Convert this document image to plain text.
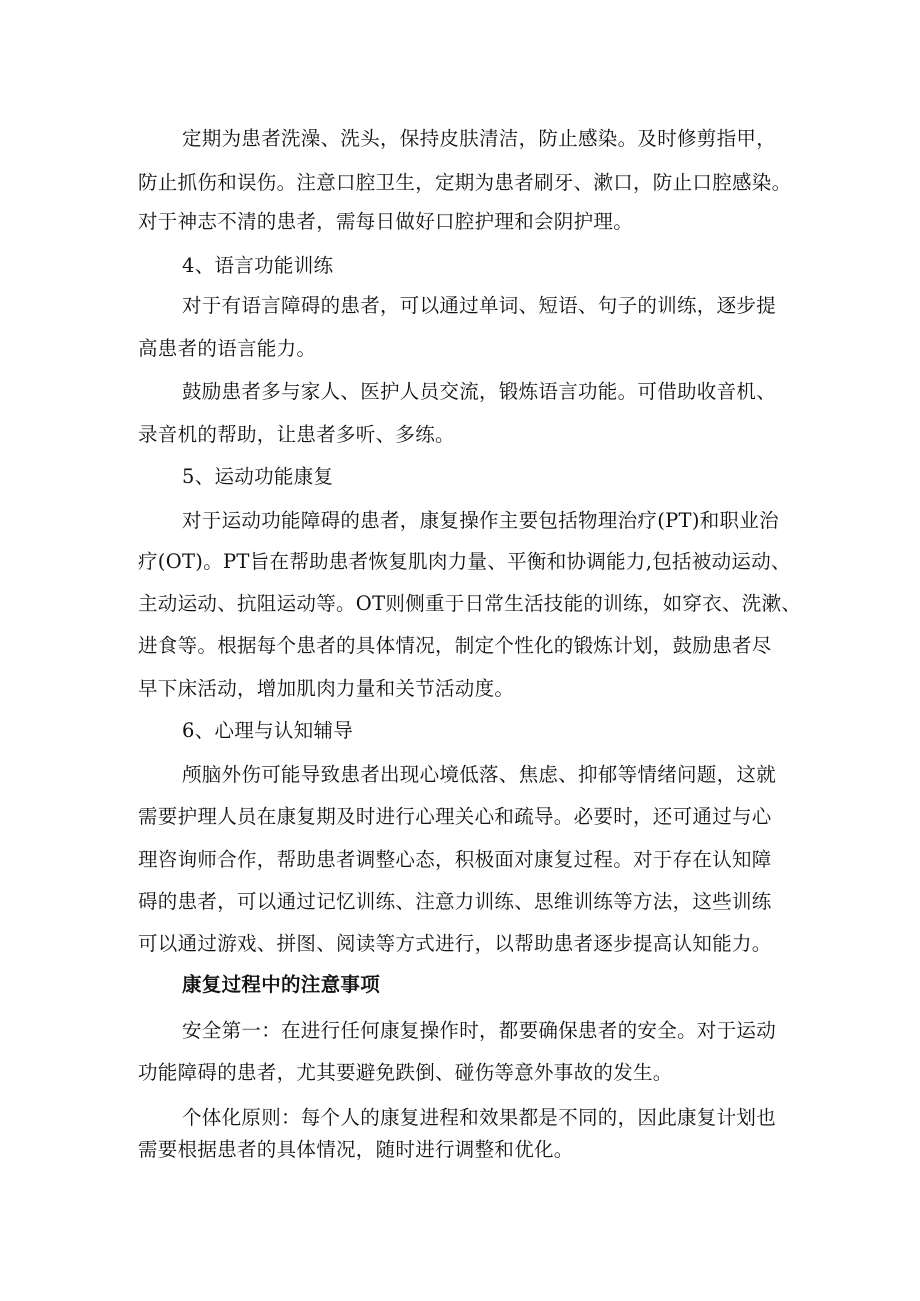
定期为患者洗澡、洗头，保持皮肤清洁，防止感染。及时修剪指甲，

防止抓伤和误伤。注意口腔卫生，定期为患者刷牙、漱口，防止口腔感染。

对于神志不清的患者，需每日做好口腔护理和会阴护理。

4、语言功能训练

对于有语言障碍的患者，可以通过单词、短语、句子的训练，逐步提

高患者的语言能力。

鼓励患者多与家人、医护人员交流，锻炼语言功能。可借助收音机、

录音机的帮助，让患者多听、多练。

5、运动功能康复

对于运动功能障碍的患者，康复操作主要包括物理治疗(PT)和职业治

疗(OT)。PT旨在帮助患者恢复肌肉力量、平衡和协调能力,包括被动运动、

主动运动、抗阻运动等。OT则侧重于日常生活技能的训练，如穿衣、洗漱、

进食等。根据每个患者的具体情况，制定个性化的锻炼计划，鼓励患者尽

早下床活动，增加肌肉力量和关节活动度。

6、心理与认知辅导

颅脑外伤可能导致患者出现心境低落、焦虑、抑郁等情绪问题，这就

需要护理人员在康复期及时进行心理关心和疏导。必要时，还可通过与心

理咨询师合作，帮助患者调整心态，积极面对康复过程。对于存在认知障

碍的患者，可以通过记忆训练、注意力训练、思维训练等方法，这些训练

可以通过游戏、拼图、阅读等方式进行，以帮助患者逐步提高认知能力。

康复过程中的注意事项

安全第一：在进行任何康复操作时，都要确保患者的安全。对于运动

功能障碍的患者，尤其要避免跌倒、碰伤等意外事故的发生。

个体化原则：每个人的康复进程和效果都是不同的，因此康复计划也

需要根据患者的具体情况，随时进行调整和优化。
